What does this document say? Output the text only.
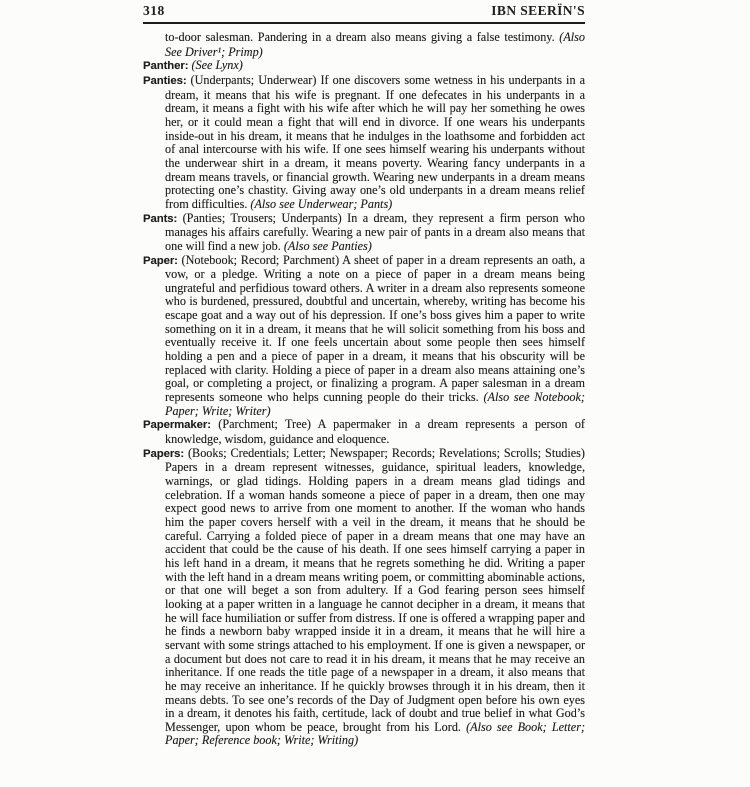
318	IBN SEERÏN'S

to-door salesman. Pandering in a dream also means giving a false testimony. (Also See Driver¹; Primp)

Panther: (See Lynx)

Panties: (Underpants; Underwear) If one discovers some wetness in his underpants in a dream, it means that his wife is pregnant. If one defecates in his underpants in a dream, it means a fight with his wife after which he will pay her something he owes her, or it could mean a fight that will end in divorce. If one wears his underpants inside-out in his dream, it means that he indulges in the loathsome and forbidden act of anal intercourse with his wife. If one sees himself wearing his underpants without the underwear shirt in a dream, it means poverty. Wearing fancy underpants in a dream means travels, or financial growth. Wearing new underpants in a dream means protecting one’s chastity. Giving away one’s old underpants in a dream means relief from difficulties. (Also see Underwear; Pants)

Pants: (Panties; Trousers; Underpants) In a dream, they represent a firm person who manages his affairs carefully. Wearing a new pair of pants in a dream also means that one will find a new job. (Also see Panties)

Paper: (Notebook; Record; Parchment) A sheet of paper in a dream represents an oath, a vow, or a pledge. Writing a note on a piece of paper in a dream means being ungrateful and perfidious toward others. A writer in a dream also represents someone who is burdened, pressured, doubtful and uncertain, whereby, writing has become his escape goat and a way out of his depression. If one’s boss gives him a paper to write something on it in a dream, it means that he will solicit something from his boss and eventually receive it. If one feels uncertain about some people then sees himself holding a pen and a piece of paper in a dream, it means that his obscurity will be replaced with clarity. Holding a piece of paper in a dream also means attaining one’s goal, or completing a project, or finalizing a program. A paper salesman in a dream represents someone who helps cunning people do their tricks. (Also see Notebook; Paper; Write; Writer)

Papermaker: (Parchment; Tree) A papermaker in a dream represents a person of knowledge, wisdom, guidance and eloquence.

Papers: (Books; Credentials; Letter; Newspaper; Records; Revelations; Scrolls; Studies) Papers in a dream represent witnesses, guidance, spiritual leaders, knowledge, warnings, or glad tidings. Holding papers in a dream means glad tidings and celebration. If a woman hands someone a piece of paper in a dream, then one may expect good news to arrive from one moment to another. If the woman who hands him the paper covers herself with a veil in the dream, it means that he should be careful. Carrying a folded piece of paper in a dream means that one may have an accident that could be the cause of his death. If one sees himself carrying a paper in his left hand in a dream, it means that he regrets something he did. Writing a paper with the left hand in a dream means writing poem, or committing abominable actions, or that one will beget a son from adultery. If a God fearing person sees himself looking at a paper written in a language he cannot decipher in a dream, it means that he will face humiliation or suffer from distress. If one is offered a wrapping paper and he finds a newborn baby wrapped inside it in a dream, it means that he will hire a servant with some strings attached to his employment. If one is given a newspaper, or a document but does not care to read it in his dream, it means that he may receive an inheritance. If one reads the title page of a newspaper in a dream, it also means that he may receive an inheritance. If he quickly browses through it in his dream, then it means debts. To see one’s records of the Day of Judgment open before his own eyes in a dream, it denotes his faith, certitude, lack of doubt and true belief in what God’s Messenger, upon whom be peace, brought from his Lord. (Also see Book; Letter; Paper; Reference book; Write; Writing)
